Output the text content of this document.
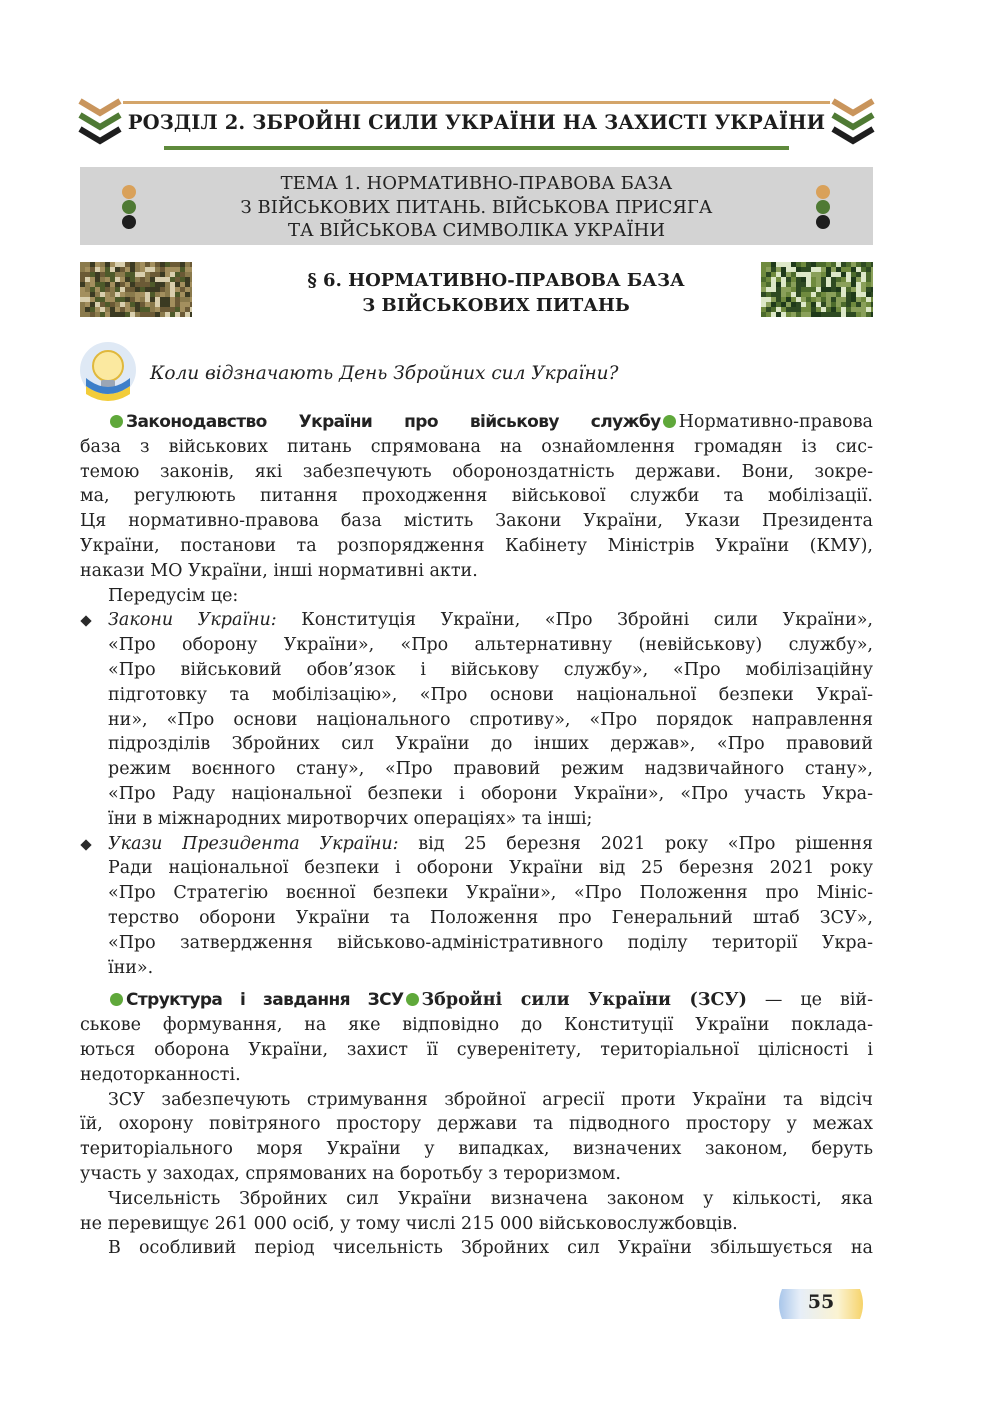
РОЗДІЛ 2. ЗБРОЙНІ СИЛИ УКРАЇНИ НА ЗАХИСТІ УКРАЇНИ
ТЕМА 1. НОРМАТИВНО-ПРАВОВА БАЗА
З ВІЙСЬКОВИХ ПИТАНЬ. ВІЙСЬКОВА ПРИСЯГА
ТА ВІЙСЬКОВА СИМВОЛІКА УКРАЇНИ
§ 6. НОРМАТИВНО-ПРАВОВА БАЗА
З ВІЙСЬКОВИХ ПИТАНЬ
Коли відзначають День Збройних сил України?
Законодавство України про військову службу Нормативно-правова
база з військових питань спрямована на ознайомлення громадян із сис-
темою законів, які забезпечують обороноздатність держави. Вони, зокре-
ма, регулюють питання проходження військової служби та мобілізації.
Ця нормативно-правова база містить Закони України, Укази Президента
України, постанови та розпорядження Кабінету Міністрів України (КМУ),
накази МО України, інші нормативні акти.
Передусім це:
Закони України: Конституція України, «Про Збройні сили України»,
«Про оборону України», «Про альтернативну (невійськову) службу»,
«Про військовий обов’язок і військову службу», «Про мобілізаційну
підготовку та мобілізацію», «Про основи національної безпеки Украї-
ни», «Про основи національного спротиву», «Про порядок направлення
підрозділів Збройних сил України до інших держав», «Про правовий
режим воєнного стану», «Про правовий режим надзвичайного стану»,
«Про Раду національної безпеки і оборони України», «Про участь Укра-
їни в міжнародних миротворчих операціях» та інші;
Укази Президента України: від 25 березня 2021 року «Про рішення
Ради національної безпеки і оборони України від 25 березня 2021 року
«Про Стратегію воєнної безпеки України», «Про Положення про Мініс-
терство оборони України та Положення про Генеральний штаб ЗСУ»,
«Про затвердження військово-адміністративного поділу території Укра-
їни».
Структура і завдання ЗСУ Збройні сили України (ЗСУ) — це вій-
ськове формування, на яке відповідно до Конституції України поклада-
ються оборона України, захист її суверенітету, територіальної цілісності і
недоторканності.
ЗСУ забезпечують стримування збройної агресії проти України та відсіч
їй, охорону повітряного простору держави та підводного простору у межах
територіального моря України у випадках, визначених законом, беруть
участь у заходах, спрямованих на боротьбу з тероризмом.
Чисельність Збройних сил України визначена законом у кількості, яка
не перевищує 261 000 осіб, у тому числі 215 000 військовослужбовців.
В особливий період чисельність Збройних сил України збільшується на
55
